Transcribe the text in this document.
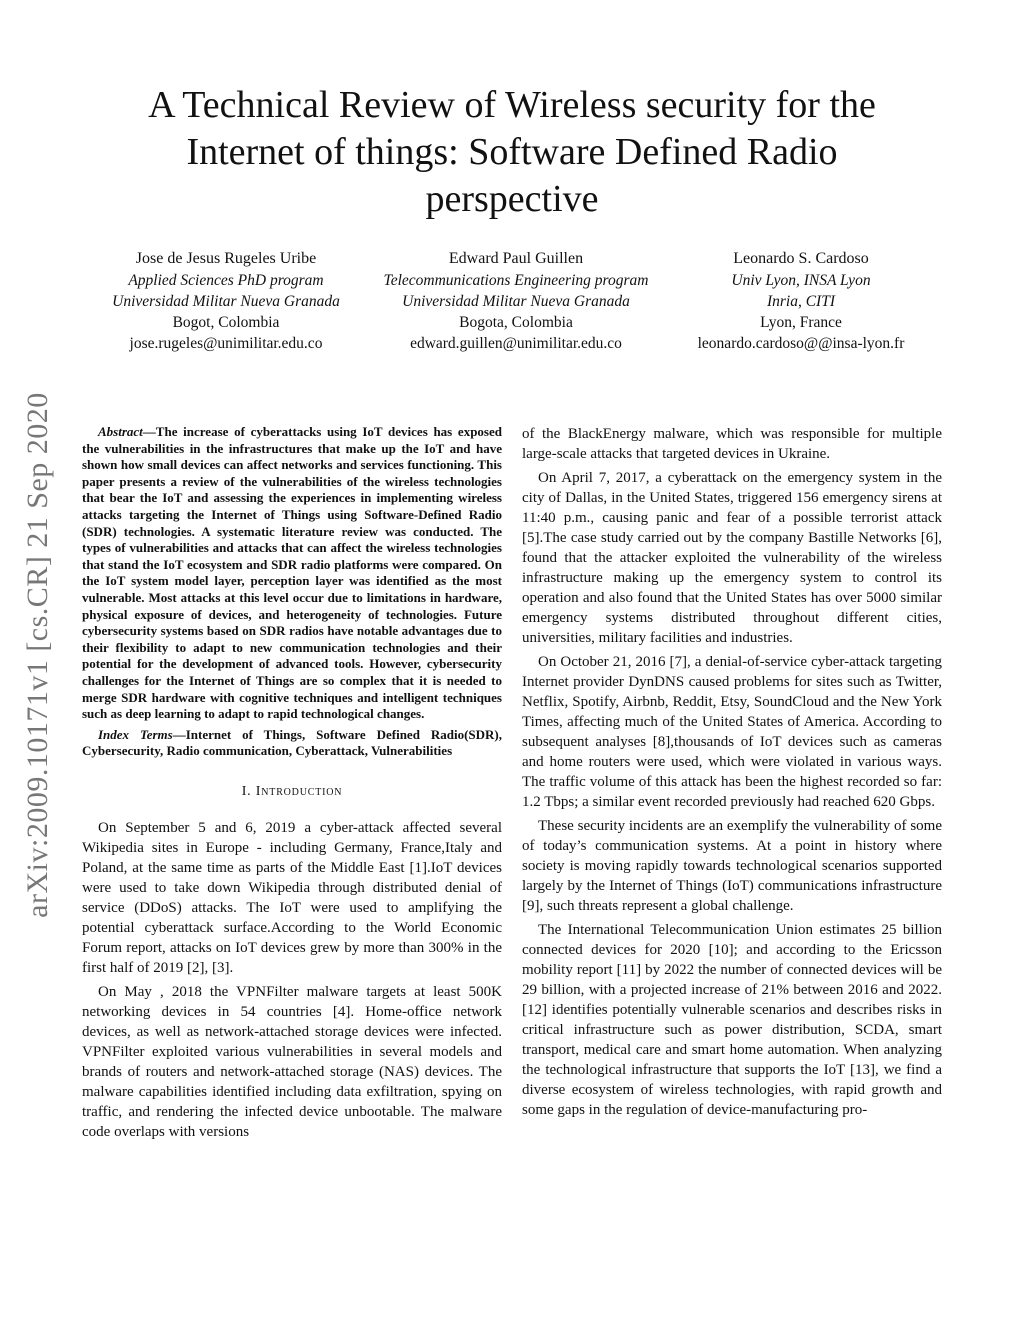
arXiv:2009.10171v1 [cs.CR] 21 Sep 2020
A Technical Review of Wireless security for the Internet of things: Software Defined Radio perspective
Jose de Jesus Rugeles Uribe
Applied Sciences PhD program
Universidad Militar Nueva Granada
Bogot, Colombia
jose.rugeles@unimilitar.edu.co
Edward Paul Guillen
Telecommunications Engineering program
Universidad Militar Nueva Granada
Bogota, Colombia
edward.guillen@unimilitar.edu.co
Leonardo S. Cardoso
Univ Lyon, INSA Lyon
Inria, CITI
Lyon, France
leonardo.cardoso@@insa-lyon.fr

Abstract—The increase of cyberattacks using IoT devices has exposed the vulnerabilities in the infrastructures that make up the IoT and have shown how small devices can affect networks and services functioning. This paper presents a review of the vulnerabilities of the wireless technologies that bear the IoT and assessing the experiences in implementing wireless attacks targeting the Internet of Things using Software-Defined Radio (SDR) technologies. A systematic literature review was conducted. The types of vulnerabilities and attacks that can affect the wireless technologies that stand the IoT ecosystem and SDR radio platforms were compared. On the IoT system model layer, perception layer was identified as the most vulnerable. Most attacks at this level occur due to limitations in hardware, physical exposure of devices, and heterogeneity of technologies. Future cybersecurity systems based on SDR radios have notable advantages due to their flexibility to adapt to new communication technologies and their potential for the development of advanced tools. However, cybersecurity challenges for the Internet of Things are so complex that it is needed to merge SDR hardware with cognitive techniques and intelligent techniques such as deep learning to adapt to rapid technological changes.

Index Terms—Internet of Things, Software Defined Radio(SDR), Cybersecurity, Radio communication, Cyberattack, Vulnerabilities

I. Introduction

On September 5 and 6, 2019 a cyber-attack affected several Wikipedia sites in Europe - including Germany, France,Italy and Poland, at the same time as parts of the Middle East [1].IoT devices were used to take down Wikipedia through distributed denial of service (DDoS) attacks. The IoT were used to amplifying the potential cyberattack surface.According to the World Economic Forum report, attacks on IoT devices grew by more than 300% in the first half of 2019 [2], [3].

On May , 2018 the VPNFilter malware targets at least 500K networking devices in 54 countries [4]. Home-office network devices, as well as network-attached storage devices were infected. VPNFilter exploited various vulnerabilities in several models and brands of routers and network-attached storage (NAS) devices. The malware capabilities identified including data exfiltration, spying on traffic, and rendering the infected device unbootable. The malware code overlaps with versions

of the BlackEnergy malware, which was responsible for multiple large-scale attacks that targeted devices in Ukraine.

On April 7, 2017, a cyberattack on the emergency system in the city of Dallas, in the United States, triggered 156 emergency sirens at 11:40 p.m., causing panic and fear of a possible terrorist attack [5].The case study carried out by the company Bastille Networks [6], found that the attacker exploited the vulnerability of the wireless infrastructure making up the emergency system to control its operation and also found that the United States has over 5000 similar emergency systems distributed throughout different cities, universities, military facilities and industries.

On October 21, 2016 [7], a denial-of-service cyber-attack targeting Internet provider DynDNS caused problems for sites such as Twitter, Netflix, Spotify, Airbnb, Reddit, Etsy, SoundCloud and the New York Times, affecting much of the United States of America. According to subsequent analyses [8],thousands of IoT devices such as cameras and home routers were used, which were violated in various ways. The traffic volume of this attack has been the highest recorded so far: 1.2 Tbps; a similar event recorded previously had reached 620 Gbps.

These security incidents are an exemplify the vulnerability of some of today’s communication systems. At a point in history where society is moving rapidly towards technological scenarios supported largely by the Internet of Things (IoT) communications infrastructure [9], such threats represent a global challenge.

The International Telecommunication Union estimates 25 billion connected devices for 2020 [10]; and according to the Ericsson mobility report [11] by 2022 the number of connected devices will be 29 billion, with a projected increase of 21% between 2016 and 2022. [12] identifies potentially vulnerable scenarios and describes risks in critical infrastructure such as power distribution, SCDA, smart transport, medical care and smart home automation. When analyzing the technological infrastructure that supports the IoT [13], we find a diverse ecosystem of wireless technologies, with rapid growth and some gaps in the regulation of device-manufacturing pro-
